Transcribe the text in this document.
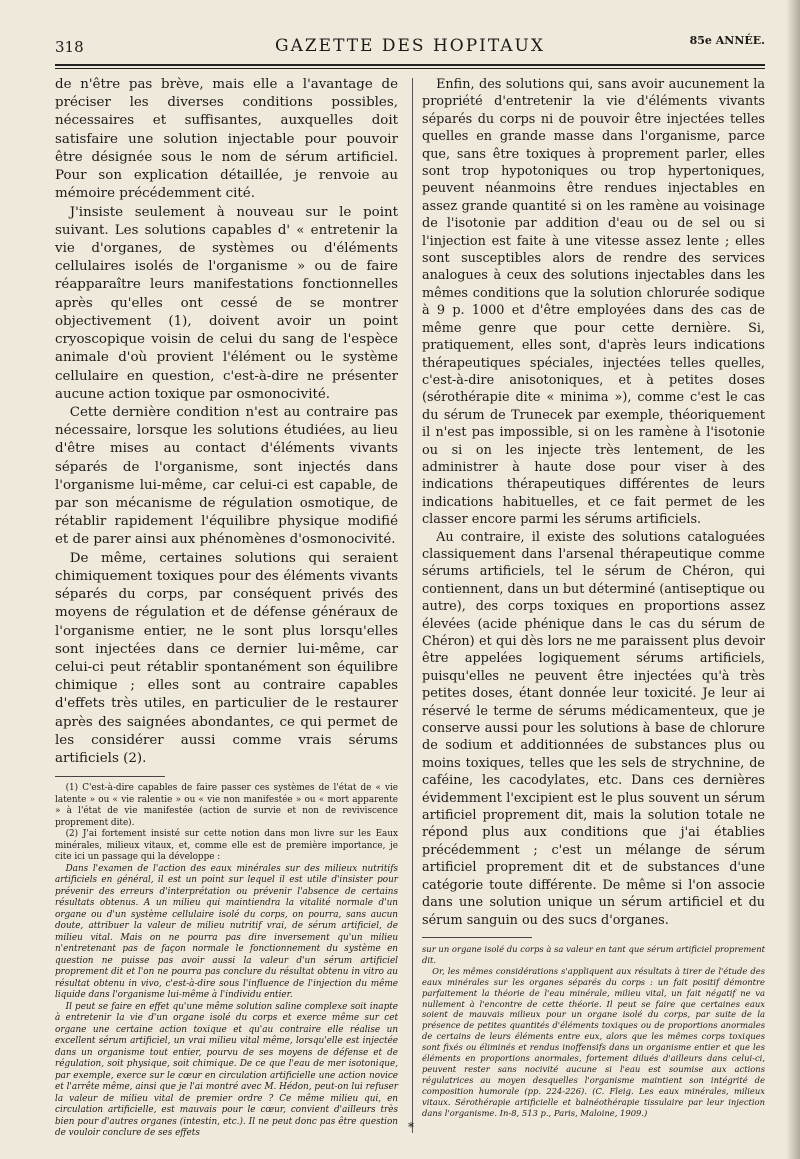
318	GAZETTE DES HOPITAUX	85e ANNÉE.

de n'être pas brève, mais elle a l'avantage de préciser les diverses conditions possibles, nécessaires et suffisantes, auxquelles doit satisfaire une solution injectable pour pouvoir être désignée sous le nom de sérum artificiel. Pour son explication détaillée, je renvoie au mémoire précédemment cité.

J'insiste seulement à nouveau sur le point suivant. Les solutions capables d' « entretenir la vie d'organes, de systèmes ou d'éléments cellulaires isolés de l'organisme » ou de faire réapparaître leurs manifestations fonctionnelles après qu'elles ont cessé de se montrer objectivement (1), doivent avoir un point cryoscopique voisin de celui du sang de l'espèce animale d'où provient l'élément ou le système cellulaire en question, c'est-à-dire ne présenter aucune action toxique par osmonocivité.

Cette dernière condition n'est au contraire pas nécessaire, lorsque les solutions étudiées, au lieu d'être mises au contact d'éléments vivants séparés de l'organisme, sont injectés dans l'organisme lui-même, car celui-ci est capable, de par son mécanisme de régulation osmotique, de rétablir rapidement l'équilibre physique modifié et de parer ainsi aux phénomènes d'osmonocivité.

De même, certaines solutions qui seraient chimiquement toxiques pour des éléments vivants séparés du corps, par conséquent privés des moyens de régulation et de défense généraux de l'organisme entier, ne le sont plus lorsqu'elles sont injectées dans ce dernier lui-même, car celui-ci peut rétablir spontanément son équilibre chimique ; elles sont au contraire capables d'effets très utiles, en particulier de le restaurer après des saignées abondantes, ce qui permet de les considérer aussi comme vrais sérums artificiels (2).

(1) C'est-à-dire capables de faire passer ces systèmes de l'état de « vie latente » ou « vie ralentie » ou « vie non manifestée » ou « mort apparente » à l'état de vie manifestée (action de survie et non de reviviscence proprement dite).

(2) J'ai fortement insisté sur cette notion dans mon livre sur les Eaux minérales, milieux vitaux, et, comme elle est de première importance, je cite ici un passage qui la développe :

Dans l'examen de l'action des eaux minérales sur des milieux nutritifs artificiels en général, il est un point sur lequel il est utile d'insister pour prévenir des erreurs d'interprétation ou prévenir l'absence de certains résultats obtenus. A un milieu qui maintiendra la vitalité normale d'un organe ou d'un système cellulaire isolé du corps, on pourra, sans aucun doute, attribuer la valeur de milieu nutritif vrai, de sérum artificiel, de milieu vital. Mais on ne pourra pas dire inversement qu'un milieu n'entretenant pas de façon normale le fonctionnement du système en question ne puisse pas avoir aussi la valeur d'un sérum artificiel proprement dit et l'on ne pourra pas conclure du résultat obtenu in vitro au résultat obtenu in vivo, c'est-à-dire sous l'influence de l'injection du même liquide dans l'organisme lui-même à l'individu entier.

Il peut se faire en effet qu'une même solution saline complexe soit inapte à entretenir la vie d'un organe isolé du corps et exerce même sur cet organe une certaine action toxique et qu'au contraire elle réalise un excellent sérum artificiel, un vrai milieu vital même, lorsqu'elle est injectée dans un organisme tout entier, pourvu de ses moyens de défense et de régulation, soit physique, soit chimique. De ce que l'eau de mer isotonique, par exemple, exerce sur le cœur en circulation artificielle une action novice et l'arrête même, ainsi que je l'ai montré avec M. Hédon, peut-on lui refuser la valeur de milieu vital de premier ordre ? Ce même milieu qui, en circulation artificielle, est mauvais pour le cœur, convient d'ailleurs très bien pour d'autres organes (intestin, etc.). Il ne peut donc pas être question de vouloir conclure de ses effets

Enfin, des solutions qui, sans avoir aucunement la propriété d'entretenir la vie d'éléments vivants séparés du corps ni de pouvoir être injectées telles quelles en grande masse dans l'organisme, parce que, sans être toxiques à proprement parler, elles sont trop hypotoniques ou trop hypertoniques, peuvent néanmoins être rendues injectables en assez grande quantité si on les ramène au voisinage de l'isotonie par addition d'eau ou de sel ou si l'injection est faite à une vitesse assez lente ; elles sont susceptibles alors de rendre des services analogues à ceux des solutions injectables dans les mêmes conditions que la solution chlorurée sodique à 9 p. 1000 et d'être employées dans des cas de même genre que pour cette dernière. Si, pratiquement, elles sont, d'après leurs indications thérapeutiques spéciales, injectées telles quelles, c'est-à-dire anisotoniques, et à petites doses (sérothérapie dite « minima »), comme c'est le cas du sérum de Trunecek par exemple, théoriquement il n'est pas impossible, si on les ramène à l'isotonie ou si on les injecte très lentement, de les administrer à haute dose pour viser à des indications thérapeutiques différentes de leurs indications habituelles, et ce fait permet de les classer encore parmi les sérums artificiels.

Au contraire, il existe des solutions cataloguées classiquement dans l'arsenal thérapeutique comme sérums artificiels, tel le sérum de Chéron, qui contiennent, dans un but déterminé (antiseptique ou autre), des corps toxiques en proportions assez élevées (acide phénique dans le cas du sérum de Chéron) et qui dès lors ne me paraissent plus devoir être appelées logiquement sérums artificiels, puisqu'elles ne peuvent être injectées qu'à très petites doses, étant donnée leur toxicité. Je leur ai réservé le terme de sérums médicamenteux, que je conserve aussi pour les solutions à base de chlorure de sodium et additionnées de substances plus ou moins toxiques, telles que les sels de strychnine, de caféine, les cacodylates, etc. Dans ces dernières évidemment l'excipient est le plus souvent un sérum artificiel proprement dit, mais la solution totale ne répond plus aux conditions que j'ai établies précédemment ; c'est un mélange de sérum artificiel proprement dit et de substances d'une catégorie toute différente. De même si l'on associe dans une solution unique un sérum artificiel et du sérum sanguin ou des sucs d'organes.

sur un organe isolé du corps à sa valeur en tant que sérum artificiel proprement dit.

Or, les mêmes considérations s'appliquent aux résultats à tirer de l'étude des eaux minérales sur les organes séparés du corps : un fait positif démontre parfaitement la théorie de l'eau minérale, milieu vital, un fait négatif ne va nullement à l'encontre de cette théorie. Il peut se faire que certaines eaux soient de mauvais milieux pour un organe isolé du corps, par suite de la présence de petites quantités d'éléments toxiques ou de proportions anormales de certains de leurs éléments entre eux, alors que les mêmes corps toxiques sont fixés ou éliminés et rendus inoffensifs dans un organisme entier et que les éléments en proportions anormales, fortement dilués d'ailleurs dans celui-ci, peuvent rester sans nocivité aucune si l'eau est soumise aux actions régulatrices au moyen desquelles l'organisme maintient son intégrité de composition humorale (pp. 224-226). (C. Fleig. Les eaux minérales, milieux vitaux. Sérothérapie artificielle et balnéothérapie tissulaire par leur injection dans l'organisme. In-8, 513 p., Paris, Maloine, 1909.)

*
